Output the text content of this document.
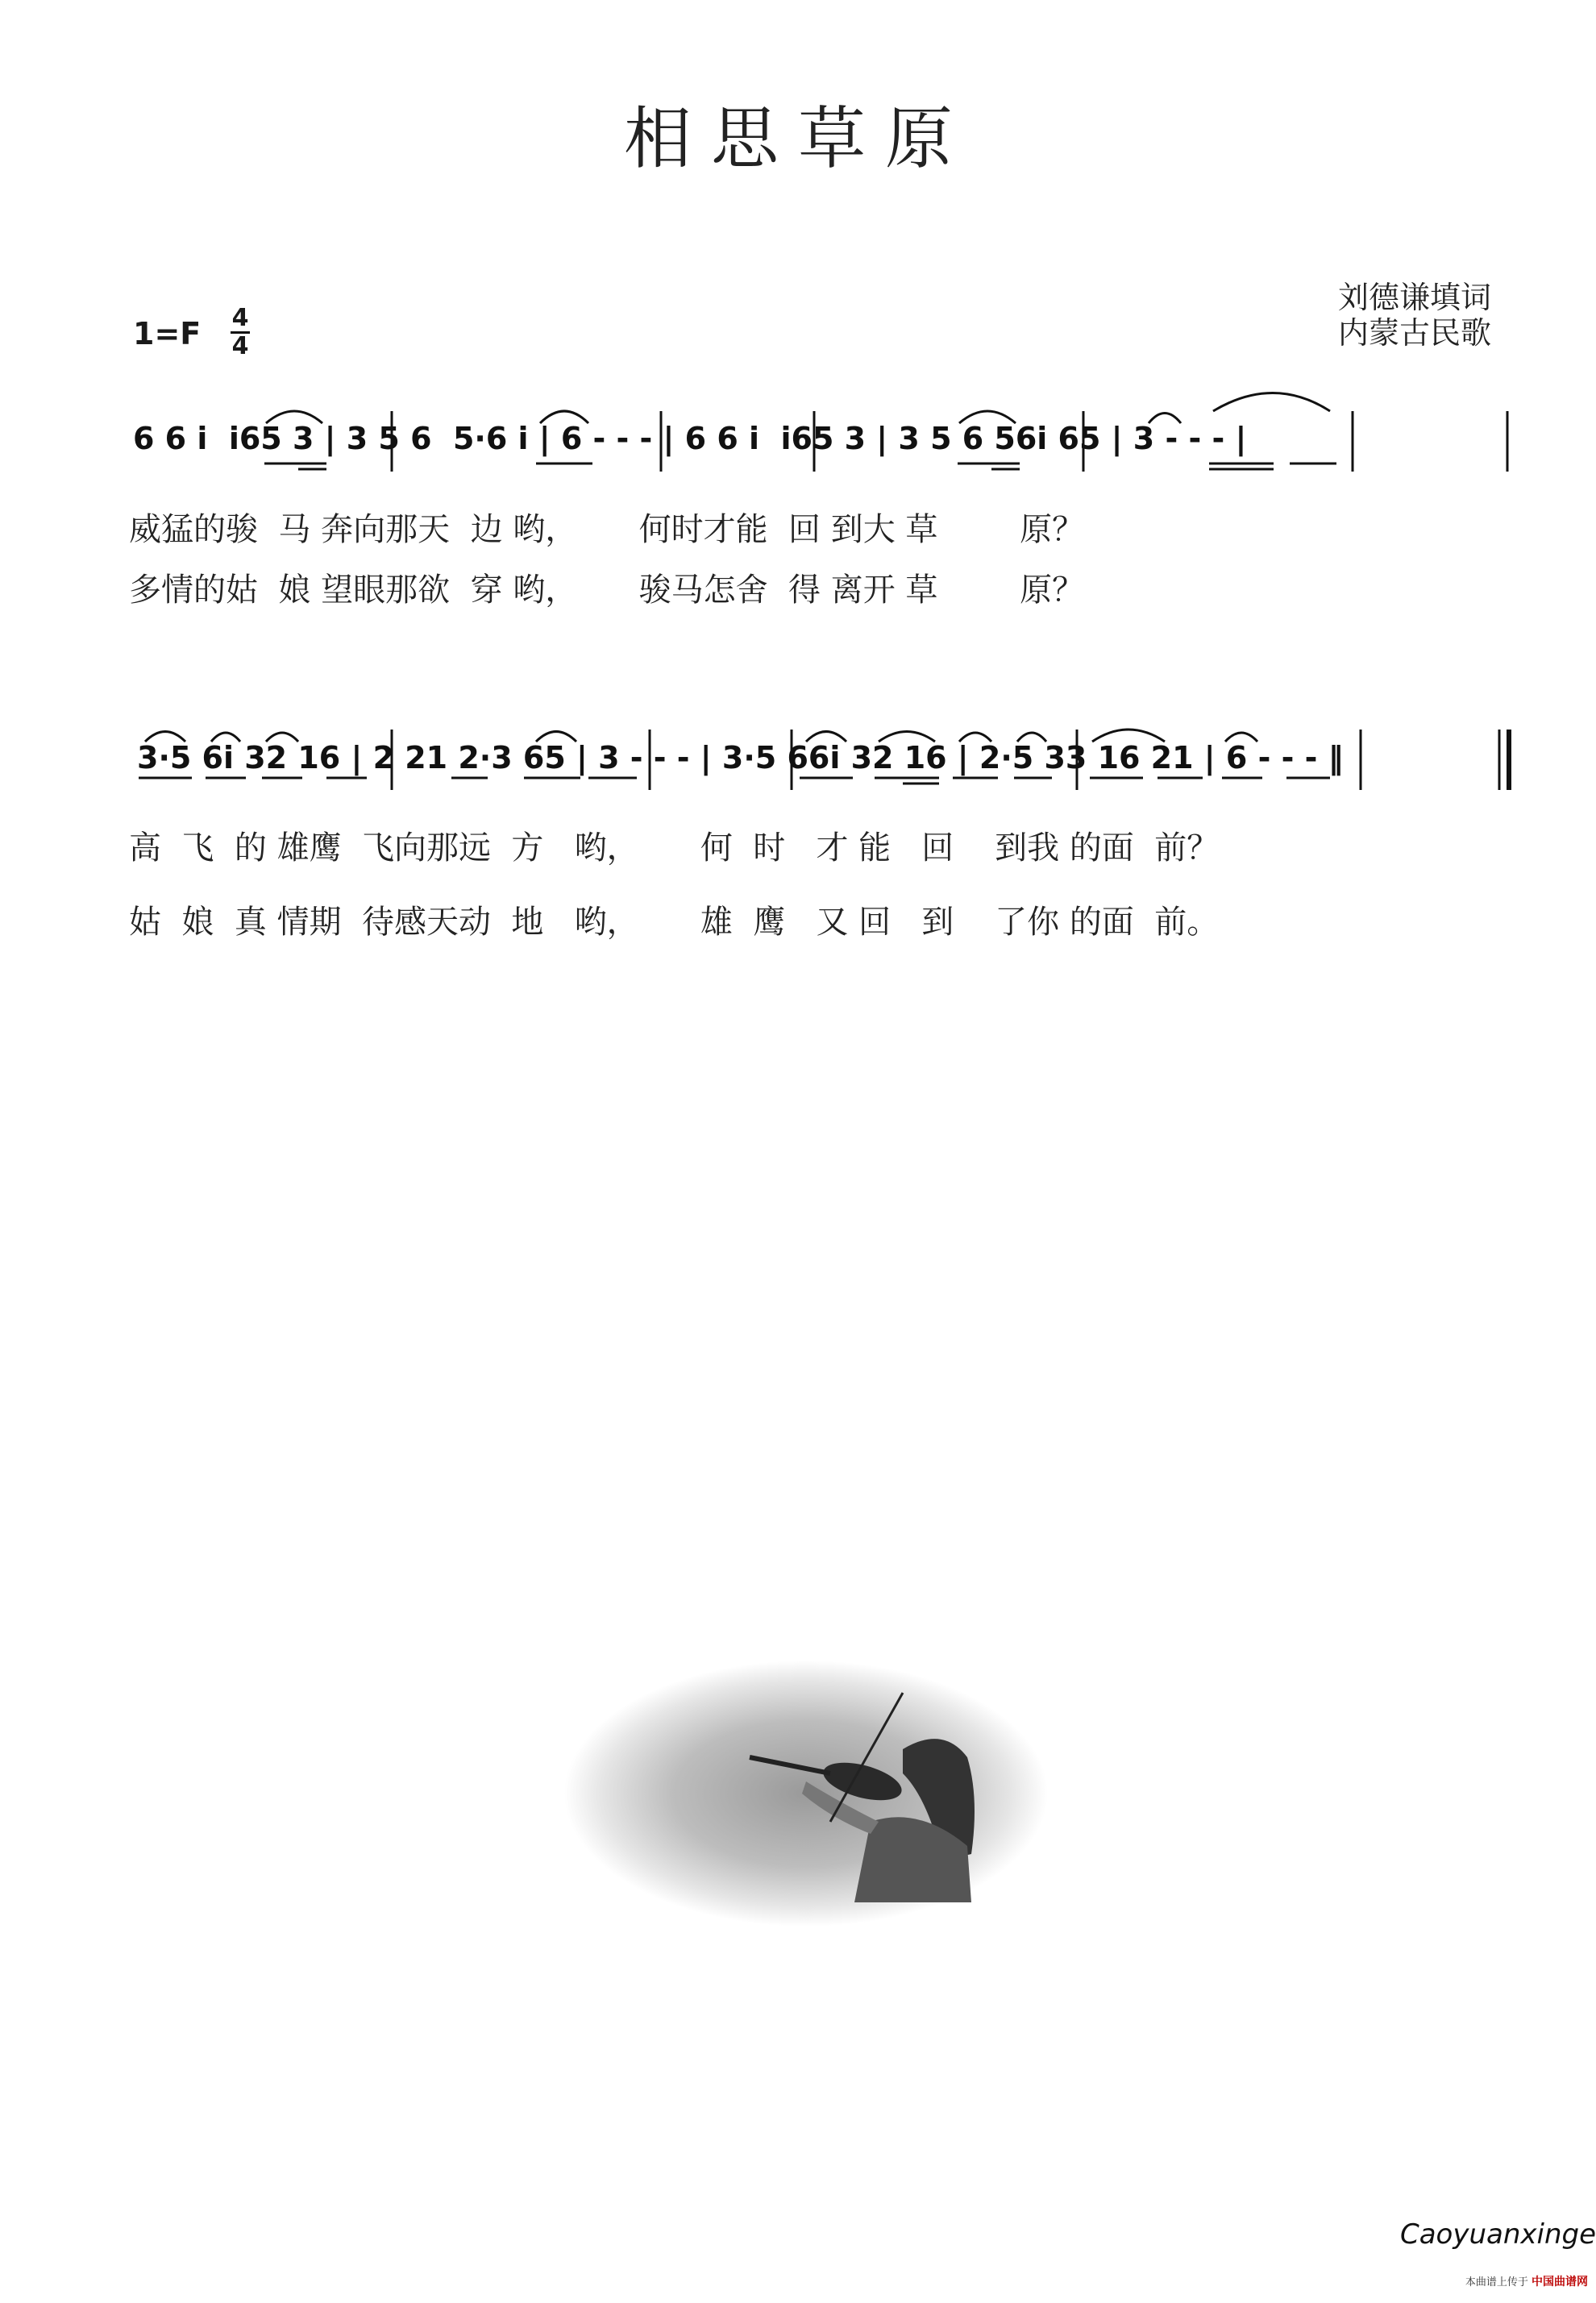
相思草原
刘德谦填词
内蒙古民歌
1=F 4
4
6 6 i  i65 3 | 3 5 6  5·6 i | 6 - - - | 6 6 i  i65 3 | 3 5 6 56i 65 | 3 - - - |
威猛的骏  马 奔向那天  边 哟，      何时才能  回 到大 草        原？
多情的姑  娘 望眼那欲  穿 哟，      骏马怎舍  得 离开 草        原？
3·5 6i 32 16 | 2 21 2·3 65 | 3 - - - | 3·5 66i 32 16 | 2·5 33 16 21 | 6 - - - ‖
高  飞  的 雄鹰  飞向那远  方   哟，      何  时   才 能   回    到我 的面  前？
姑  娘  真 情期  待感天动  地   哟，      雄  鹰   又 回   到    了你 的面  前。
Caoyuanxinge
本曲谱上传于 中国曲谱网
